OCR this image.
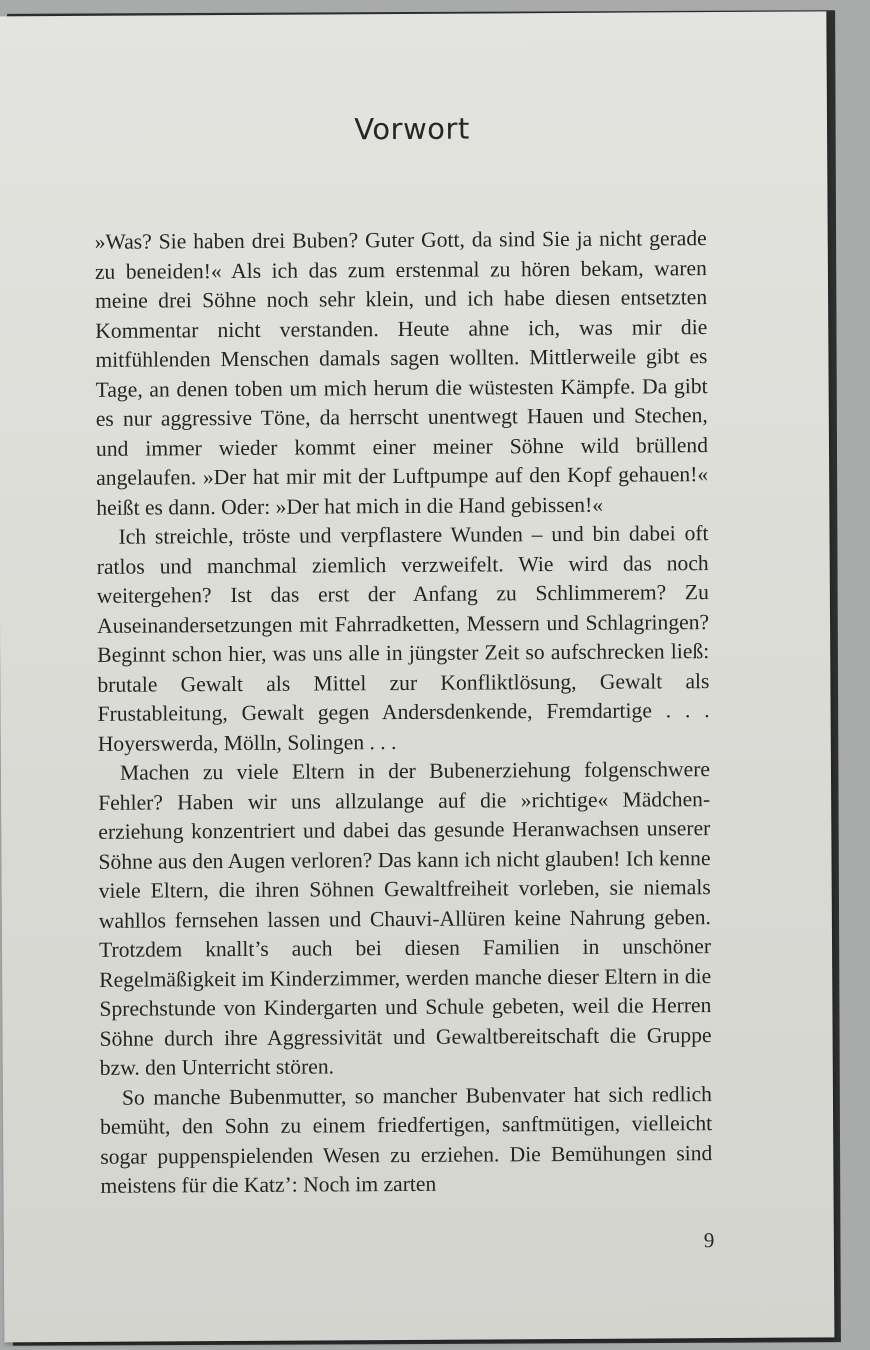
Vorwort

»Was? Sie haben drei Buben? Guter Gott, da sind Sie ja nicht gerade zu beneiden!« Als ich das zum erstenmal zu hören bekam, waren meine drei Söhne noch sehr klein, und ich habe diesen entsetzten Kommentar nicht verstanden. Heute ahne ich, was mir die mitfühlenden Menschen damals sagen wollten. Mittlerweile gibt es Tage, an denen toben um mich herum die wüstesten Kämpfe. Da gibt es nur aggressive Töne, da herrscht unentwegt Hauen und Stechen, und immer wieder kommt einer meiner Söhne wild brüllend angelaufen. »Der hat mir mit der Luftpumpe auf den Kopf gehauen!« heißt es dann. Oder: »Der hat mich in die Hand gebissen!«

Ich streichle, tröste und verpflastere Wunden – und bin dabei oft ratlos und manchmal ziemlich verzweifelt. Wie wird das noch weitergehen? Ist das erst der Anfang zu Schlimmerem? Zu Auseinandersetzungen mit Fahrradketten, Messern und Schlagringen? Beginnt schon hier, was uns alle in jüngster Zeit so aufschrecken ließ: brutale Gewalt als Mittel zur Konfliktlösung, Gewalt als Frustableitung, Gewalt gegen Andersdenkende, Fremdartige . . . Hoyerswerda, Mölln, Solingen . . .

Machen zu viele Eltern in der Bubenerziehung folgenschwere Fehler? Haben wir uns allzulange auf die »richtige« Mädchenerziehung konzentriert und dabei das gesunde Heranwachsen unserer Söhne aus den Augen verloren? Das kann ich nicht glauben! Ich kenne viele Eltern, die ihren Söhnen Gewaltfreiheit vorleben, sie niemals wahllos fernsehen lassen und Chauvi-Allüren keine Nahrung geben. Trotzdem knallt’s auch bei diesen Familien in unschöner Regelmäßigkeit im Kinderzimmer, werden manche dieser Eltern in die Sprechstunde von Kindergarten und Schule gebeten, weil die Herren Söhne durch ihre Aggressivität und Gewaltbereitschaft die Gruppe bzw. den Unterricht stören.

So manche Bubenmutter, so mancher Bubenvater hat sich redlich bemüht, den Sohn zu einem friedfertigen, sanftmütigen, vielleicht sogar puppenspielenden Wesen zu erziehen. Die Bemühungen sind meistens für die Katz’: Noch im zarten

9
